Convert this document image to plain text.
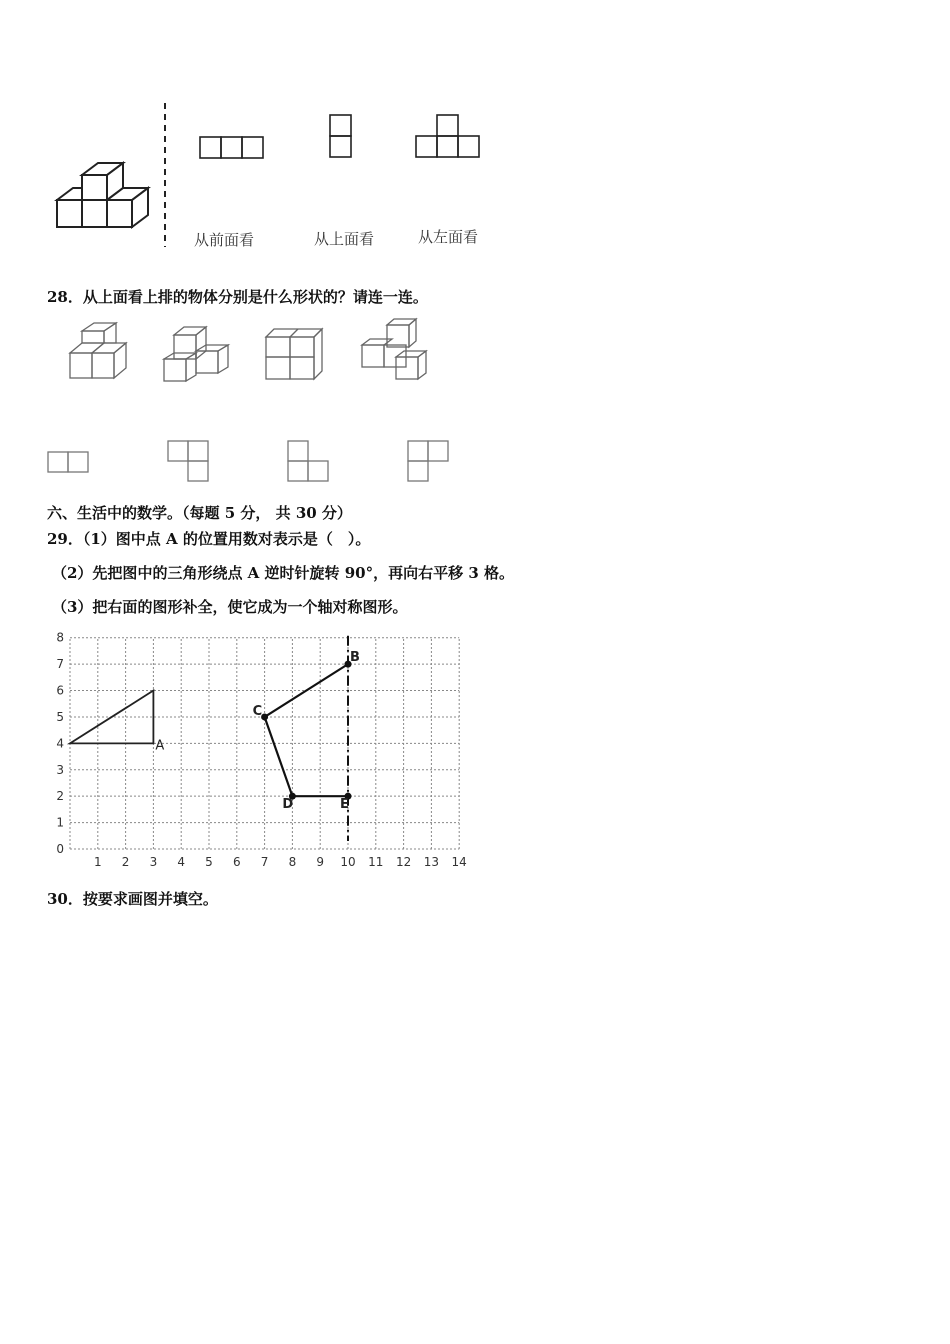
从前面看	从上面看	从左面看
28．从上面看上排的物体分别是什么形状的？请连一连。
六、生活中的数学。（每题 5 分， 共 30 分）
29．（1）图中点 A 的位置用数对表示是（　）。
（2）先把图中的三角形绕点 A 逆时针旋转 90°，再向右平移 3 格。
（3）把右面的图形补全，使它成为一个轴对称图形。
1 2 3 4 5 6 7 8 9 10 11 12 13 14
0
1
2
3
4
5
6
7
8
A
B
C
D	E
30．按要求画图并填空。
